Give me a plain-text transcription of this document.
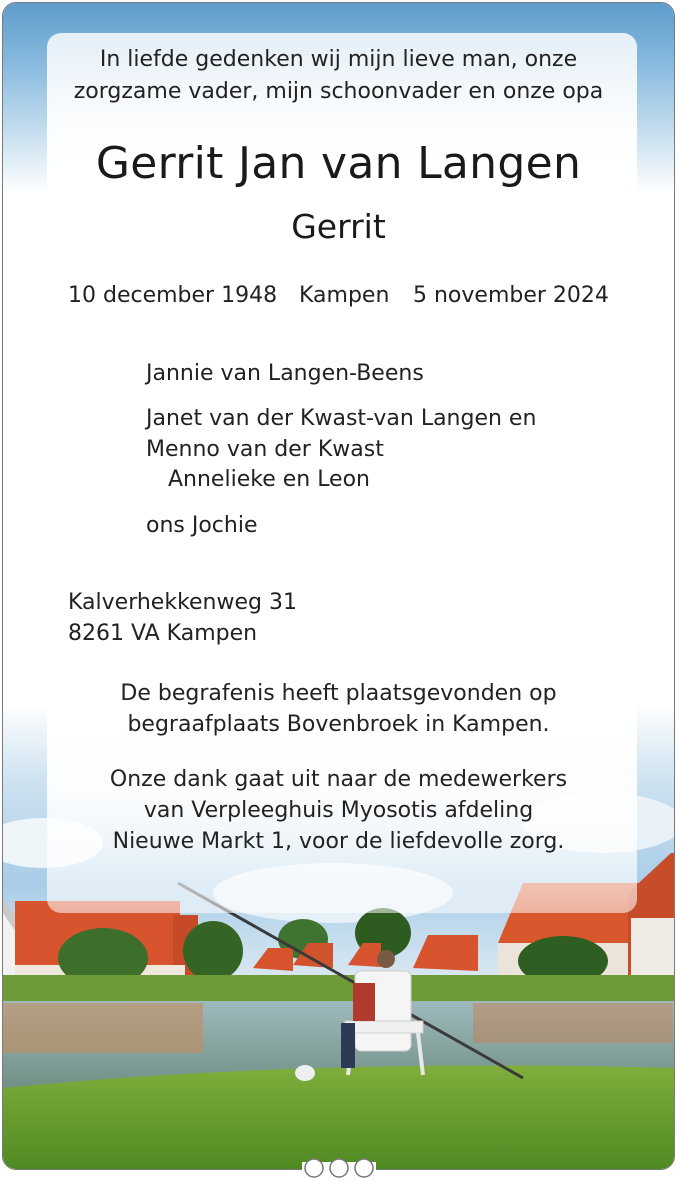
In liefde gedenken wij mijn lieve man, onze

zorgzame vader, mijn schoonvader en onze opa

Gerrit Jan van Langen

Gerrit

10 december 1948 Kampen 5 november 2024

Jannie van Langen-Beens

Janet van der Kwast-van Langen en

Menno van der Kwast

Annelieke en Leon

ons Jochie

Kalverhekkenweg 31

8261 VA Kampen

De begrafenis heeft plaatsgevonden op

begraafplaats Bovenbroek in Kampen.

Onze dank gaat uit naar de medewerkers

van Verpleeghuis Myosotis afdeling

Nieuwe Markt 1, voor de liefdevolle zorg.
